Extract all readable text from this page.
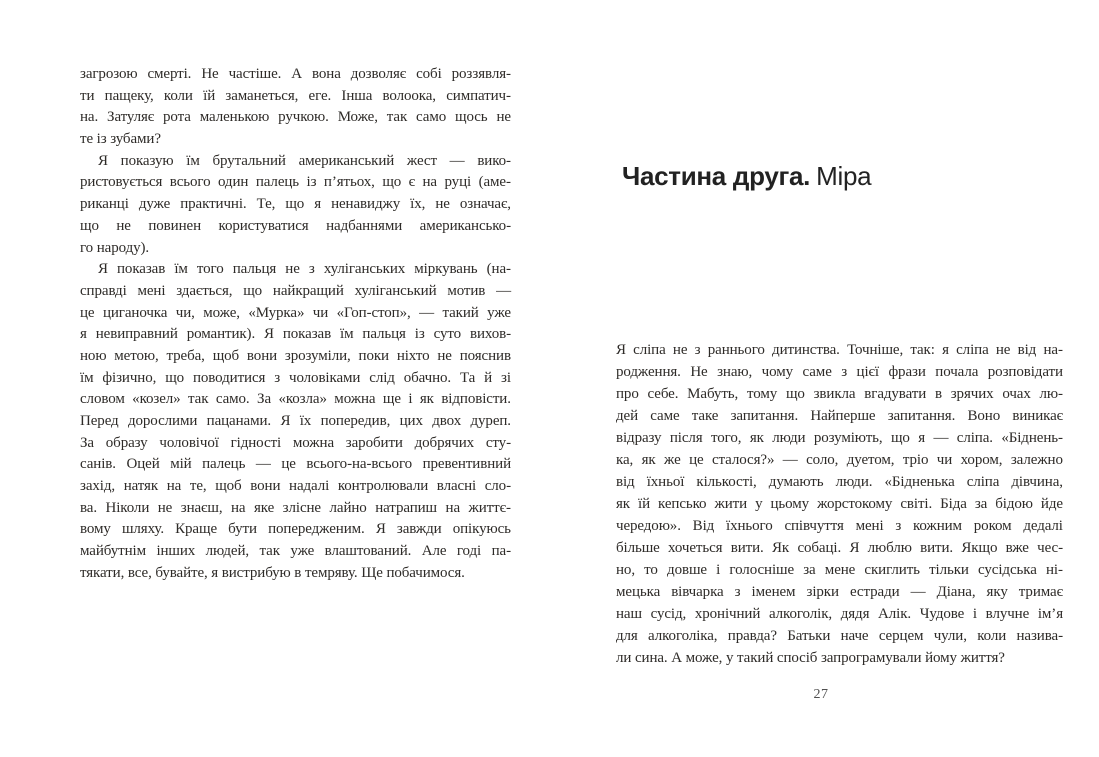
загрозою смерті. Не частіше. А вона дозволяє собі роззявля-
ти пащеку, коли їй заманеться, еге. Інша волоока, симпатич-
на. Затуляє рота маленькою ручкою. Може, так само щось не
те із зубами?
Я показую їм брутальний американський жест — вико-
ристовується всього один палець із п’ятьох, що є на руці (аме-
риканці дуже практичні. Те, що я ненавиджу їх, не означає,
що не повинен користуватися надбаннями американсько-
го народу).
Я показав їм того пальця не з хуліганських міркувань (на-
справді мені здається, що найкращий хуліганський мотив —
це циганочка чи, може, «Мурка» чи «Гоп-стоп», — такий уже
я невиправний романтик). Я показав їм пальця із суто вихов-
ною метою, треба, щоб вони зрозуміли, поки ніхто не пояснив
їм фізично, що поводитися з чоловіками слід обачно. Та й зі
словом «козел» так само. За «козла» можна ще і як відповісти.
Перед дорослими пацанами. Я їх попередив, цих двох дуреп.
За образу чоловічої гідності можна заробити добрячих сту-
санів. Оцей мій палець — це всього-на-всього превентивний
захід, натяк на те, щоб вони надалі контролювали власні сло-
ва. Ніколи не знаєш, на яке злісне лайно натрапиш на життє-
вому шляху. Краще бути попередженим. Я завжди опікуюсь
майбутнім інших людей, так уже влаштований. Але годі па-
тякати, все, бувайте, я вистрибую в темряву. Ще побачимося.
Частина друга. Міра
Я сліпа не з раннього дитинства. Точніше, так: я сліпа не від на-
родження. Не знаю, чому саме з цієї фрази почала розповідати
про себе. Мабуть, тому що звикла вгадувати в зрячих очах лю-
дей саме таке запитання. Найперше запитання. Воно виникає
відразу після того, як люди розуміють, що я — сліпа. «Біднень-
ка, як же це сталося?» — соло, дуетом, тріо чи хором, залежно
від їхньої кількості, думають люди. «Бідненька сліпа дівчина,
як їй кепсько жити у цьому жорстокому світі. Біда за бідою йде
чередою». Від їхнього співчуття мені з кожним роком дедалі
більше хочеться вити. Як собаці. Я люблю вити. Якщо вже чес-
но, то довше і голосніше за мене скиглить тільки сусідська ні-
мецька вівчарка з іменем зірки естради — Діана, яку тримає
наш сусід, хронічний алкоголік, дядя Алік. Чудове і влучне ім’я
для алкоголіка, правда? Батьки наче серцем чули, коли назива-
ли сина. А може, у такий спосіб запрограмували йому життя?
27
